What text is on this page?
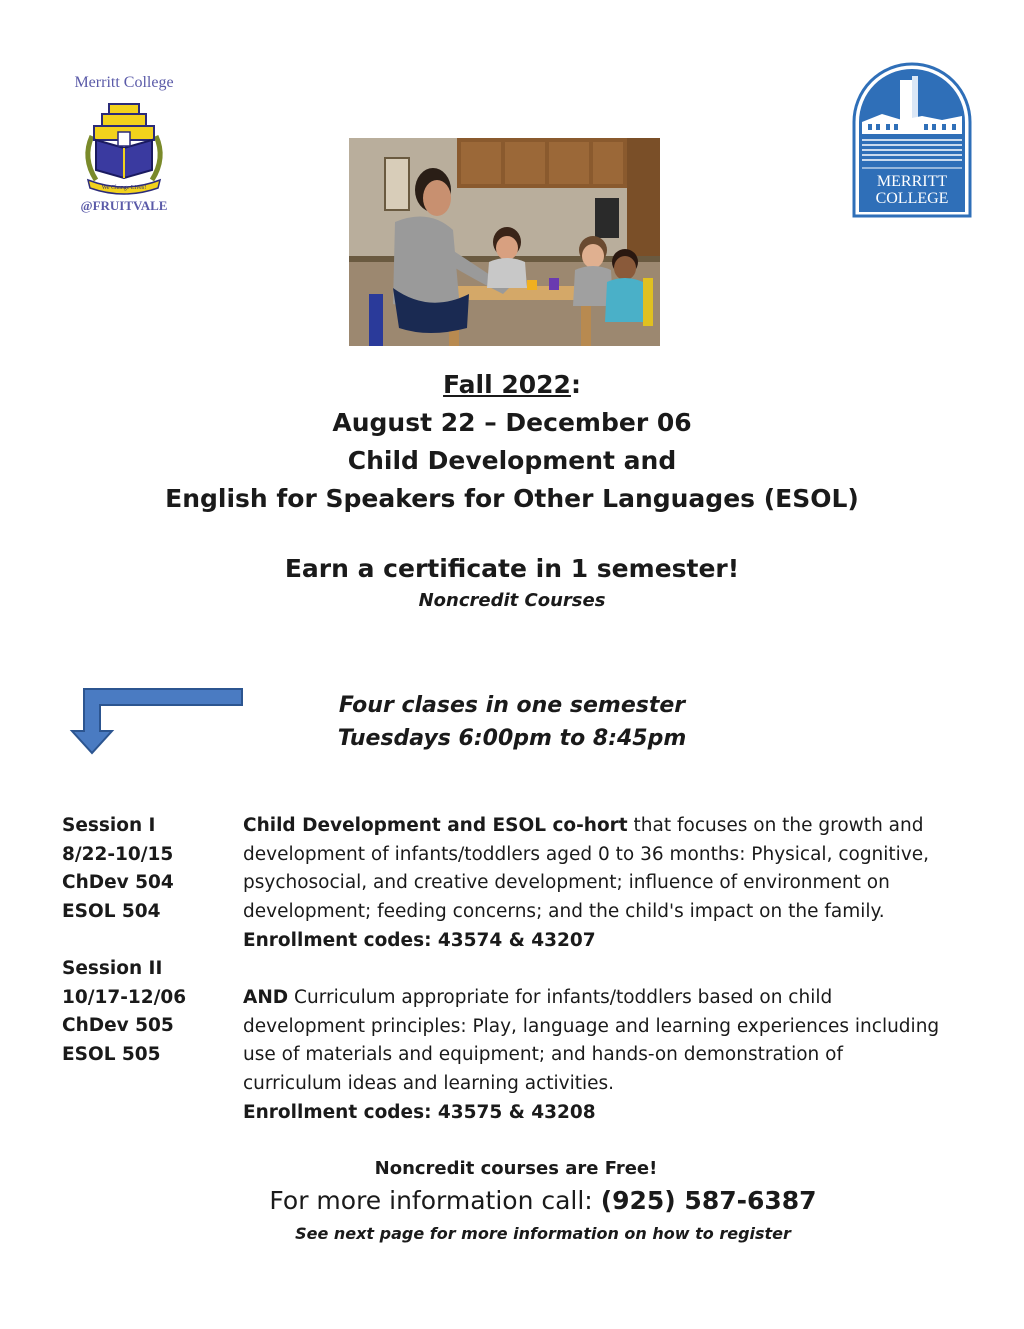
Merritt College
We Change Lives!
@FRUITVALE
MERRITT
COLLEGE
Fall 2022:
August 22 – December 06
Child Development and
English for Speakers for Other Languages (ESOL)
Earn a certificate in 1 semester!
Noncredit Courses
Four clases in one semester
Tuesdays 6:00pm to 8:45pm
Session I
8/22-10/15
ChDev 504
ESOL 504
Child Development and ESOL co-hort that focuses on the growth and
development of infants/toddlers aged 0 to 36 months: Physical, cognitive,
psychosocial, and creative development; influence of environment on
development; feeding concerns; and the child's impact on the family.
Enrollment codes: 43574 & 43207
Session II
10/17-12/06
ChDev 505
ESOL 505
AND Curriculum appropriate for infants/toddlers based on child
development principles: Play, language and learning experiences including
use of materials and equipment; and hands-on demonstration of
curriculum ideas and learning activities.
Enrollment codes: 43575 & 43208
Noncredit courses are Free!
For more information call: (925) 587-6387
See next page for more information on how to register
